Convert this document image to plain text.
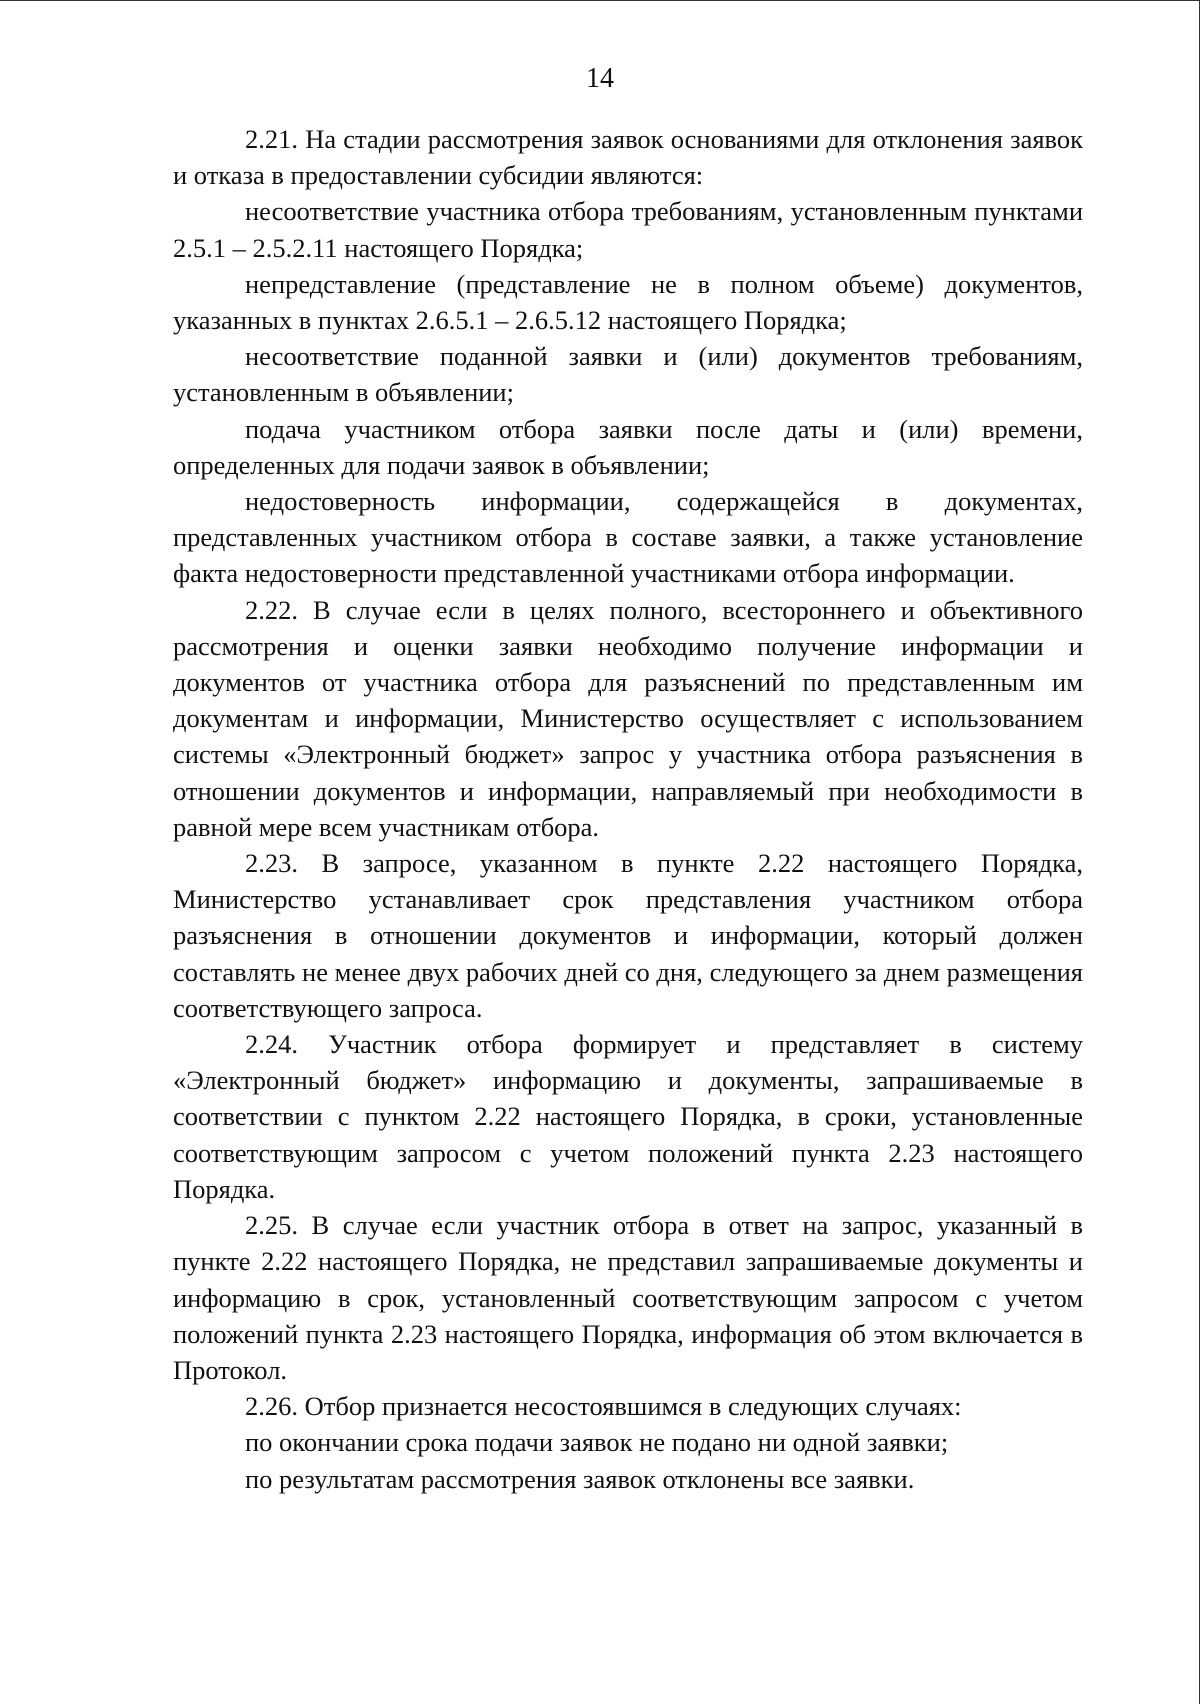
14

2.21. На стадии рассмотрения заявок основаниями для отклонения заявок и отказа в предоставлении субсидии являются:

несоответствие участника отбора требованиям, установленным пунктами 2.5.1 – 2.5.2.11 настоящего Порядка;

непредставление (представление не в полном объеме) документов, указанных в пунктах 2.6.5.1 – 2.6.5.12 настоящего Порядка;

несоответствие поданной заявки и (или) документов требованиям, установленным в объявлении;

подача участником отбора заявки после даты и (или) времени, определенных для подачи заявок в объявлении;

недостоверность информации, содержащейся в документах, представленных участником отбора в составе заявки, а также установление факта недостоверности представленной участниками отбора информации.

2.22. В случае если в целях полного, всестороннего и объективного рассмотрения и оценки заявки необходимо получение информации и документов от участника отбора для разъяснений по представленным им документам и информации, Министерство осуществляет с использованием системы «Электронный бюджет» запрос у участника отбора разъяснения в отношении документов и информации, направляемый при необходимости в равной мере всем участникам отбора.

2.23. В запросе, указанном в пункте 2.22 настоящего Порядка, Министерство устанавливает срок представления участником отбора разъяснения в отношении документов и информации, который должен составлять не менее двух рабочих дней со дня, следующего за днем размещения соответствующего запроса.

2.24. Участник отбора формирует и представляет в систему «Электронный бюджет» информацию и документы, запрашиваемые в соответствии с пунктом 2.22 настоящего Порядка, в сроки, установленные соответствующим запросом с учетом положений пункта 2.23 настоящего Порядка.

2.25. В случае если участник отбора в ответ на запрос, указанный в пункте 2.22 настоящего Порядка, не представил запрашиваемые документы и информацию в срок, установленный соответствующим запросом с учетом положений пункта 2.23 настоящего Порядка, информация об этом включается в Протокол.

2.26. Отбор признается несостоявшимся в следующих случаях:

по окончании срока подачи заявок не подано ни одной заявки;

по результатам рассмотрения заявок отклонены все заявки.
